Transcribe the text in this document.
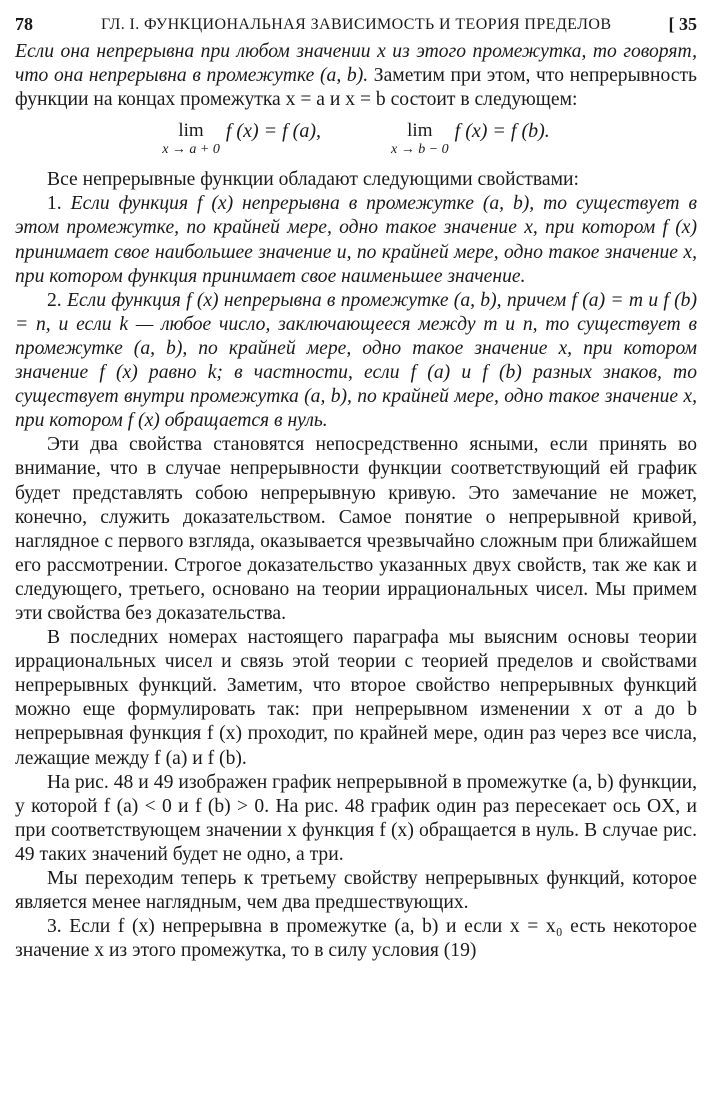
78	ГЛ. I. ФУНКЦИОНАЛЬНАЯ ЗАВИСИМОСТЬ И ТЕОРИЯ ПРЕДЕЛОВ	[ 35

Если она непрерывна при любом значении x из этого промежутка, то говорят, что она непрерывна в промежутке (a, b). Заметим при этом, что непрерывность функции на концах промежутка x = a и x = b состоит в следующем:

lim
x → a + 0
f (x) = f (a),	lim
x → b − 0
f (x) = f (b).

Все непрерывные функции обладают следующими свойствами:

1. Если функция f (x) непрерывна в промежутке (a, b), то существует в этом промежутке, по крайней мере, одно такое значение x, при котором f (x) принимает свое наибольшее значение и, по крайней мере, одно такое значение x, при котором функция принимает свое наименьшее значение.

2. Если функция f (x) непрерывна в промежутке (a, b), причем f (a) = m и f (b) = n, и если k — любое число, заключающееся между m и n, то существует в промежутке (a, b), по крайней мере, одно такое значение x, при котором значение f (x) равно k; в частности, если f (a) и f (b) разных знаков, то существует внутри промежутка (a, b), по крайней мере, одно такое значение x, при котором f (x) обращается в нуль.

Эти два свойства становятся непосредственно ясными, если принять во внимание, что в случае непрерывности функции соответствующий ей график будет представлять собою непрерывную кривую. Это замечание не может, конечно, служить доказательством. Самое понятие о непрерывной кривой, наглядное с первого взгляда, оказывается чрезвычайно сложным при ближайшем его рассмотрении. Строгое доказательство указанных двух свойств, так же как и следующего, третьего, основано на теории иррациональных чисел. Мы примем эти свойства без доказательства.

В последних номерах настоящего параграфа мы выясним основы теории иррациональных чисел и связь этой теории с теорией пределов и свойствами непрерывных функций. Заметим, что второе свойство непрерывных функций можно еще формулировать так: при непрерывном изменении x от a до b непрерывная функция f (x) проходит, по крайней мере, один раз через все числа, лежащие между f (a) и f (b).

На рис. 48 и 49 изображен график непрерывной в промежутке (a, b) функции, у которой f (a) < 0 и f (b) > 0. На рис. 48 график один раз пересекает ось OX, и при соответствующем значении x функция f (x) обращается в нуль. В случае рис. 49 таких значений будет не одно, а три.

Мы переходим теперь к третьему свойству непрерывных функций, которое является менее наглядным, чем два предшествующих.

3. Если f (x) непрерывна в промежутке (a, b) и если x = x₀ есть некоторое значение x из этого промежутка, то в силу условия (19)
